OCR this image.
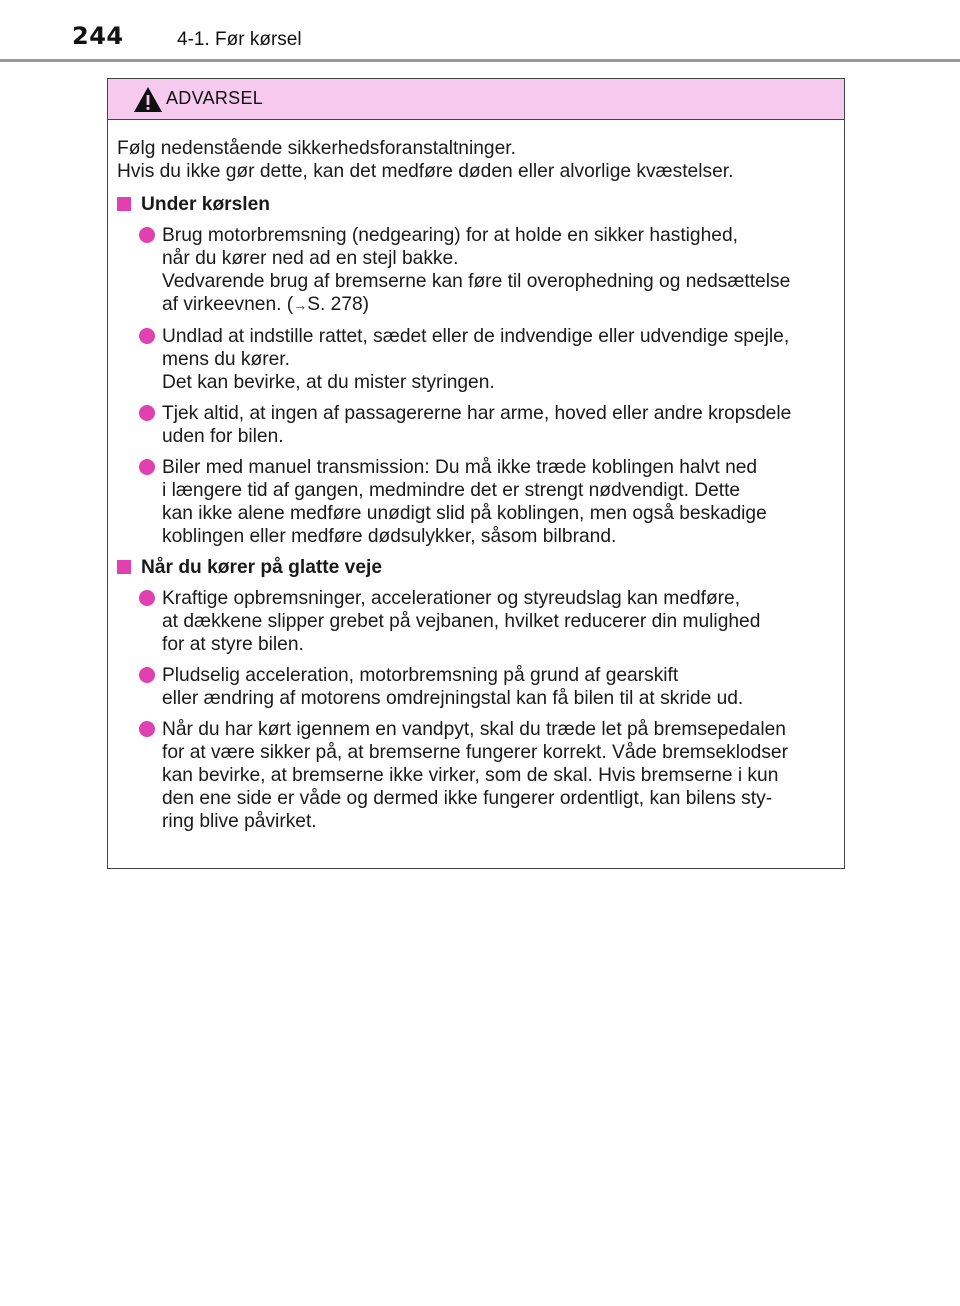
244	4-1. Før kørsel
ADVARSEL

Følg nedenstående sikkerhedsforanstaltninger.
Hvis du ikke gør dette, kan det medføre døden eller alvorlige kvæstelser.

Under kørslen

Brug motorbremsning (nedgearing) for at holde en sikker hastighed,
når du kører ned ad en stejl bakke.
Vedvarende brug af bremserne kan føre til overophedning og nedsættelse
af virkeevnen. (→S. 278)

Undlad at indstille rattet, sædet eller de indvendige eller udvendige spejle,
mens du kører.
Det kan bevirke, at du mister styringen.

Tjek altid, at ingen af passagererne har arme, hoved eller andre kropsdele
uden for bilen.

Biler med manuel transmission: Du må ikke træde koblingen halvt ned
i længere tid af gangen, medmindre det er strengt nødvendigt. Dette
kan ikke alene medføre unødigt slid på koblingen, men også beskadige
koblingen eller medføre dødsulykker, såsom bilbrand.

Når du kører på glatte veje

Kraftige opbremsninger, accelerationer og styreudslag kan medføre,
at dækkene slipper grebet på vejbanen, hvilket reducerer din mulighed
for at styre bilen.

Pludselig acceleration, motorbremsning på grund af gearskift
eller ændring af motorens omdrejningstal kan få bilen til at skride ud.

Når du har kørt igennem en vandpyt, skal du træde let på bremsepedalen
for at være sikker på, at bremserne fungerer korrekt. Våde bremseklodser
kan bevirke, at bremserne ikke virker, som de skal. Hvis bremserne i kun
den ene side er våde og dermed ikke fungerer ordentligt, kan bilens sty-
ring blive påvirket.
